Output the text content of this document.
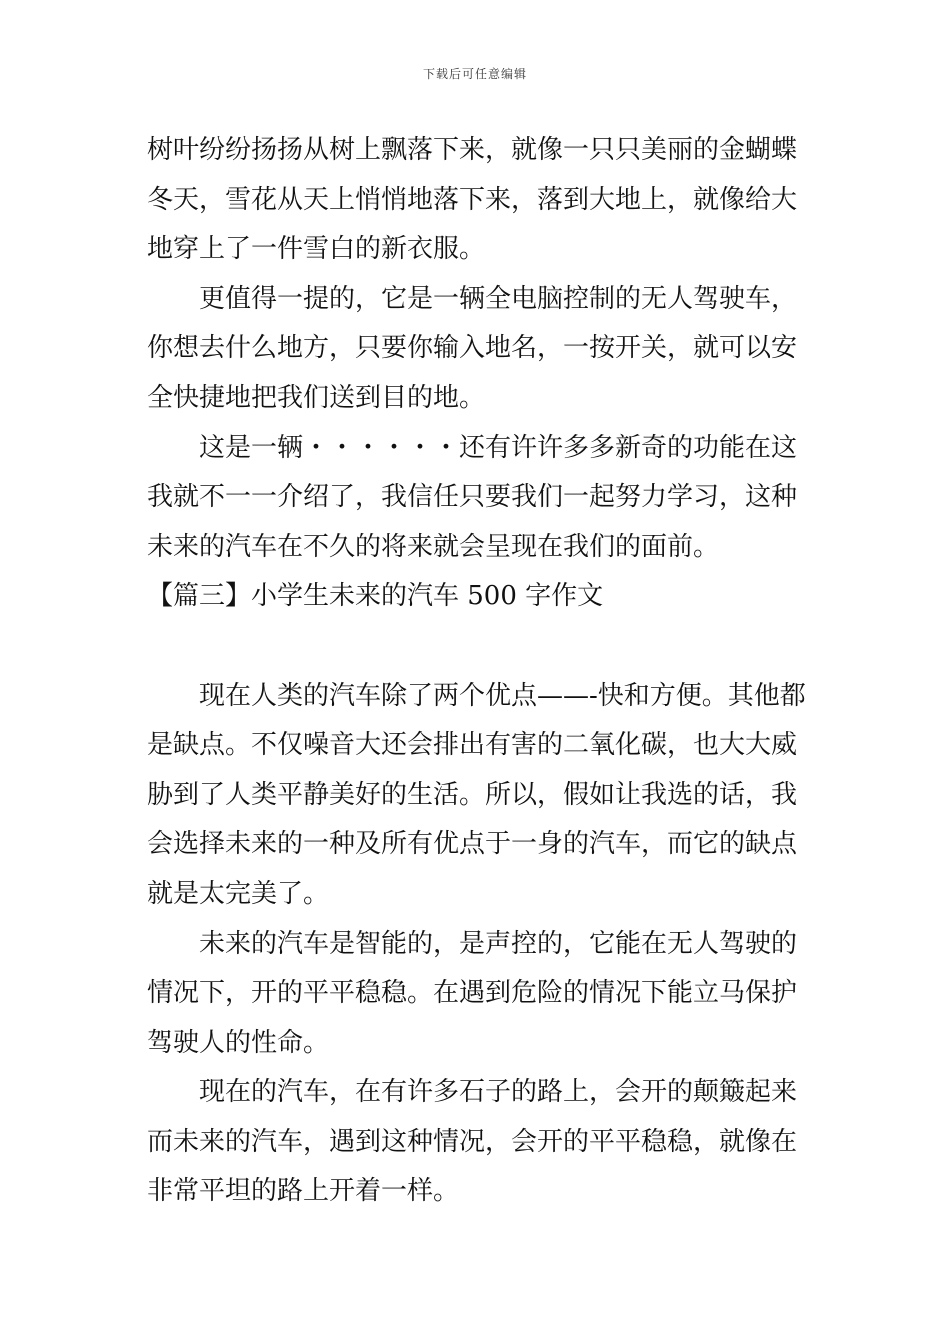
下载后可任意编辑
树叶纷纷扬扬从树上飘落下来，就像一只只美丽的金蝴蝶
冬天，雪花从天上悄悄地落下来，落到大地上，就像给大
地穿上了一件雪白的新衣服。
更值得一提的，它是一辆全电脑控制的无人驾驶车，
你想去什么地方，只要你输入地名，一按开关，就可以安
全快捷地把我们送到目的地。
这是一辆・・・・・・还有许许多多新奇的功能在这
我就不一一介绍了，我信任只要我们一起努力学习，这种
未来的汽车在不久的将来就会呈现在我们的面前。
【篇三】小学生未来的汽车 500 字作文
现在人类的汽车除了两个优点——-快和方便。其他都
是缺点。不仅噪音大还会排出有害的二氧化碳，也大大威
胁到了人类平静美好的生活。所以，假如让我选的话，我
会选择未来的一种及所有优点于一身的汽车，而它的缺点
就是太完美了。
未来的汽车是智能的，是声控的，它能在无人驾驶的
情况下，开的平平稳稳。在遇到危险的情况下能立马保护
驾驶人的性命。
现在的汽车，在有许多石子的路上，会开的颠簸起来
而未来的汽车，遇到这种情况，会开的平平稳稳，就像在
非常平坦的路上开着一样。
